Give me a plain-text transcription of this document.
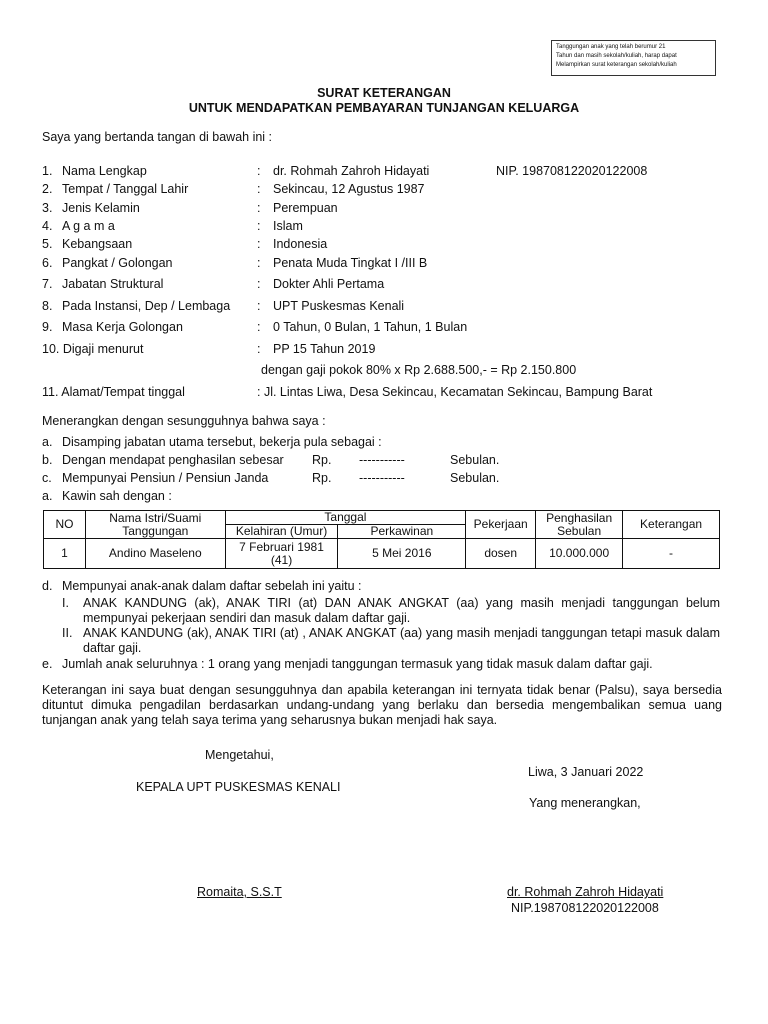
Tanggungan anak yang telah berumur 21
Tahun dan masih sekolah/kuliah, harap dapat
Melampirkan surat keterangan sekolah/kuliah
SURAT KETERANGAN
UNTUK MENDAPATKAN PEMBAYARAN TUNJANGAN KELUARGA
Saya yang bertanda tangan di bawah ini :
1. Nama Lengkap	: dr. Rohmah Zahroh Hidayati	NIP. 198708122020122008
2. Tempat / Tanggal Lahir	: Sekincau, 12 Agustus 1987
3. Jenis Kelamin	: Perempuan
4. A g a m a	: Islam
5. Kebangsaan	: Indonesia
6. Pangkat / Golongan	: Penata Muda Tingkat I /III B
7. Jabatan Struktural	: Dokter Ahli Pertama
8. Pada Instansi, Dep / Lembaga : UPT Puskesmas Kenali
9. Masa Kerja Golongan	: 0 Tahun, 0 Bulan, 1 Tahun, 1 Bulan
10. Digaji menurut	: PP 15 Tahun 2019
dengan gaji pokok 80% x Rp 2.688.500,- = Rp 2.150.800
11. Alamat/Tempat tinggal	: Jl. Lintas Liwa, Desa Sekincau, Kecamatan Sekincau, Bampung Barat
Menerangkan dengan sesungguhnya bahwa saya :
a. Disamping jabatan utama tersebut, bekerja pula sebagai :
b. Dengan mendapat penghasilan sebesar Rp. -----------	Sebulan.
c. Mempunyai Pensiun / Pensiun Janda	Rp. -----------	Sebulan.
a. Kawin sah dengan :
NO	Nama Istri/Suami Tanggungan	Tanggal		Pekerjaan	Penghasilan Sebulan	Keterangan
		Kelahiran (Umur)	Perkawinan			
1	Andino Maseleno	7 Februari 1981 (41)	5 Mei 2016	dosen	10.000.000	-
d. Mempunyai anak-anak dalam daftar sebelah ini yaitu :
I. ANAK KANDUNG (ak), ANAK TIRI (at) DAN ANAK ANGKAT (aa) yang masih menjadi tanggungan belum mempunyai pekerjaan sendiri dan masuk dalam daftar gaji.
II. ANAK KANDUNG (ak), ANAK TIRI (at) , ANAK ANGKAT (aa) yang masih menjadi tanggungan tetapi masuk dalam daftar gaji.
e. Jumlah anak seluruhnya : 1 orang yang menjadi tanggungan termasuk yang tidak masuk dalam daftar gaji.
Keterangan ini saya buat dengan sesungguhnya dan apabila keterangan ini ternyata tidak benar (Palsu), saya bersedia dituntut dimuka pengadilan berdasarkan undang-undang yang berlaku dan bersedia mengembalikan semua uang tunjangan anak yang telah saya terima yang seharusnya bukan menjadi hak saya.
Mengetahui,
KEPALA UPT PUSKESMAS KENALI
Liwa, 3 Januari 2022
Yang menerangkan,
Romaita, S.S.T	dr. Rohmah Zahroh Hidayati
NIP.198708122020122008
